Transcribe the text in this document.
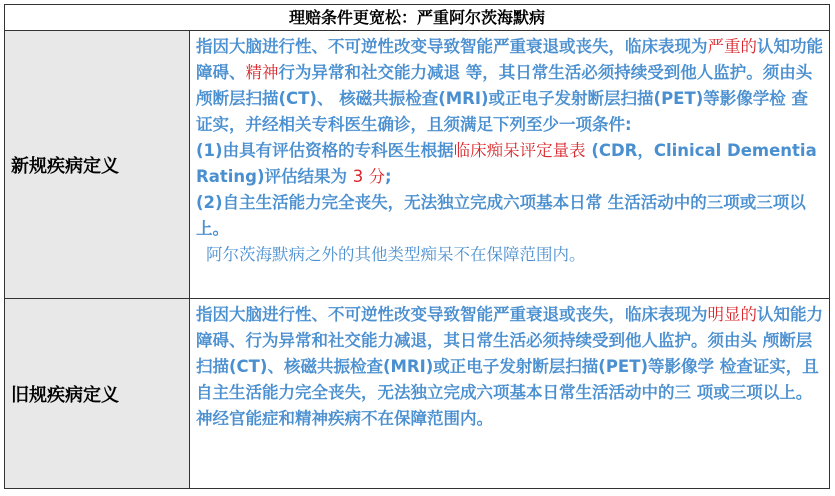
理赔条件更宽松：严重阿尔茨海默病	
新规疾病定义	指因大脑进行性、不可逆性改变导致智能严重衰退或丧失，临床表现为严重的认知功能障碍、精神行为异常和社交能力减退 等，其日常生活必须持续受到他人监护。须由头颅断层扫描(CT)、 核磁共振检查(MRI)或正电子发射断层扫描(PET)等影像学检 查证实，并经相关专科医生确诊，且须满足下列至少一项条件:

(1)由具有评估资格的专科医生根据临床痴呆评定量表 (CDR，Clinical Dementia Rating)评估结果为 3 分;

(2)自主生活能力完全丧失，无法独立完成六项基本日常 生活活动中的三项或三项以上。

阿尔茨海默病之外的其他类型痴呆不在保障范围内。

旧规疾病定义	指因大脑进行性、不可逆性改变导致智能严重衰退或丧失，临床表现为明显的认知能力障碍、行为异常和社交能力减退，其日常生活必须持续受到他人监护。须由头 颅断层扫描(CT)、核磁共振检查(MRI)或正电子发射断层扫描(PET)等影像学 检查证实，且自主生活能力完全丧失，无法独立完成六项基本日常生活活动中的三 项或三项以上。

神经官能症和精神疾病不在保障范围内。
